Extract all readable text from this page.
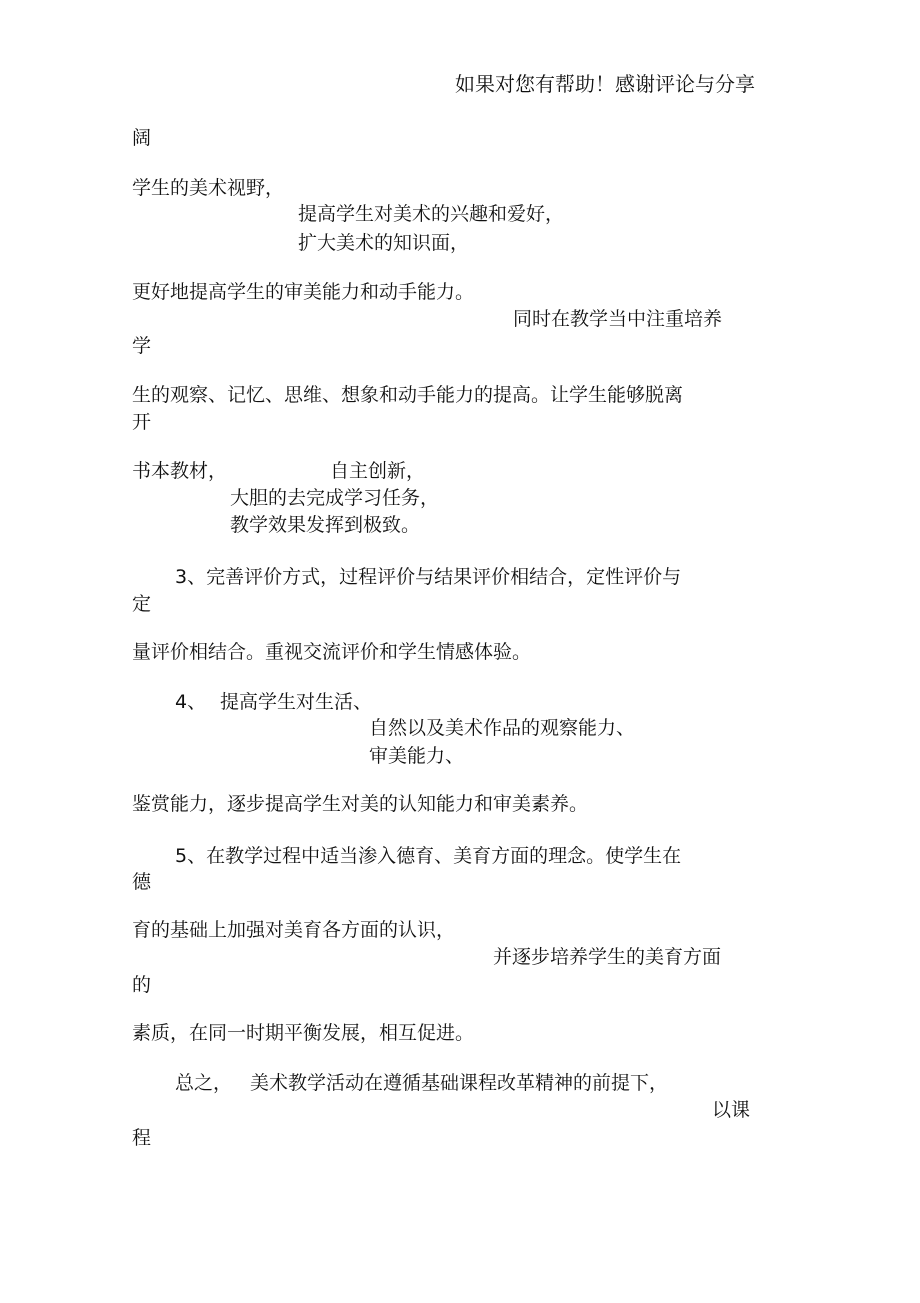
如果对您有帮助！感谢评论与分享
阔
学生的美术视野，
提高学生对美术的兴趣和爱好，
扩大美术的知识面，
更好地提高学生的审美能力和动手能力。
同时在教学当中注重培养
学
生的观察、记忆、思维、想象和动手能力的提高。让学生能够脱离
开
书本教材，	自主创新，
大胆的去完成学习任务，
教学效果发挥到极致。
3、完善评价方式，过程评价与结果评价相结合，定性评价与
定
量评价相结合。重视交流评价和学生情感体验。
4、 提高学生对生活、
自然以及美术作品的观察能力、
审美能力、
鉴赏能力，逐步提高学生对美的认知能力和审美素养。
5、在教学过程中适当渗入德育、美育方面的理念。使学生在
德
育的基础上加强对美育各方面的认识，
并逐步培养学生的美育方面
的
素质，在同一时期平衡发展，相互促进。
总之， 美术教学活动在遵循基础课程改革精神的前提下，
以课
程
